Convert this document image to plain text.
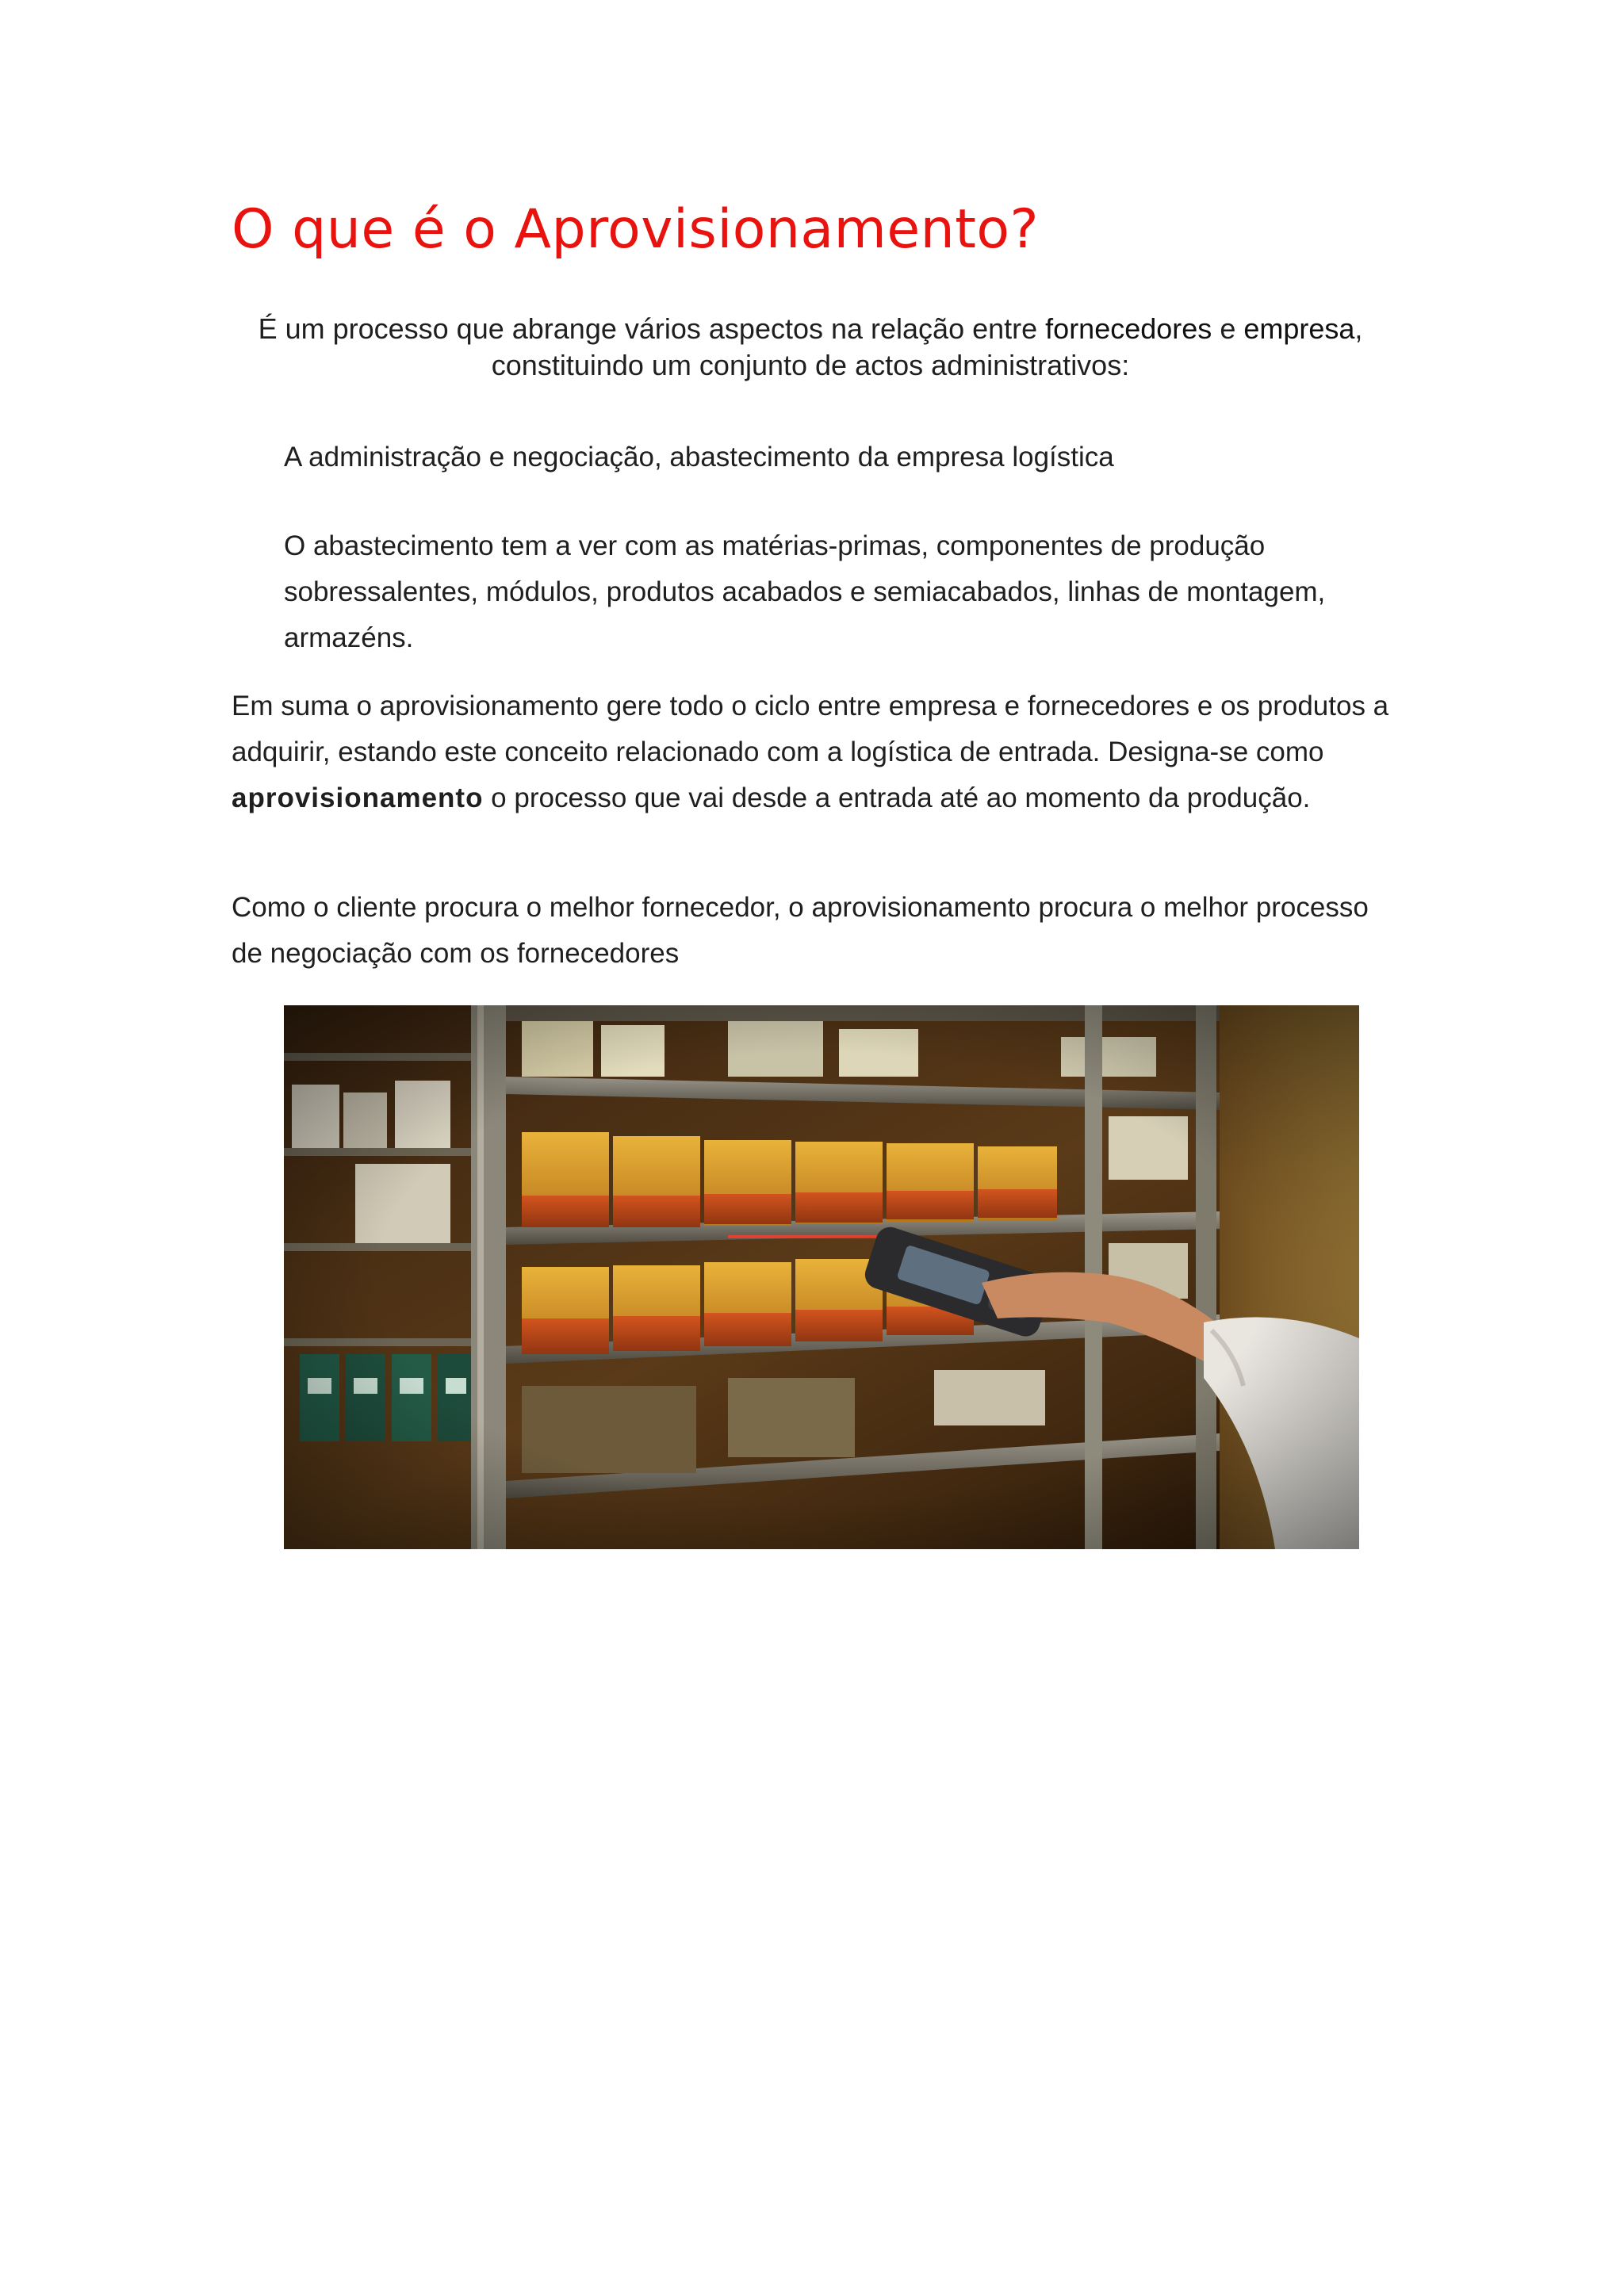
O que é o Aprovisionamento?

É um processo que abrange vários aspectos na relação entre fornecedores e empresa,
constituindo um conjunto de actos administrativos:

A administração e negociação, abastecimento da empresa logística

O abastecimento tem a ver com as matérias-primas, componentes de produção sobressalentes, módulos, produtos acabados e semiacabados, linhas de montagem, armazéns.

Em suma o aprovisionamento gere todo o ciclo entre empresa e fornecedores e os produtos a adquirir, estando este conceito relacionado com a logística de entrada. Designa-se como aprovisionamento o processo que vai desde a entrada até ao momento da produção.

Como o cliente procura o melhor fornecedor, o aprovisionamento procura o melhor processo de negociação com os fornecedores
